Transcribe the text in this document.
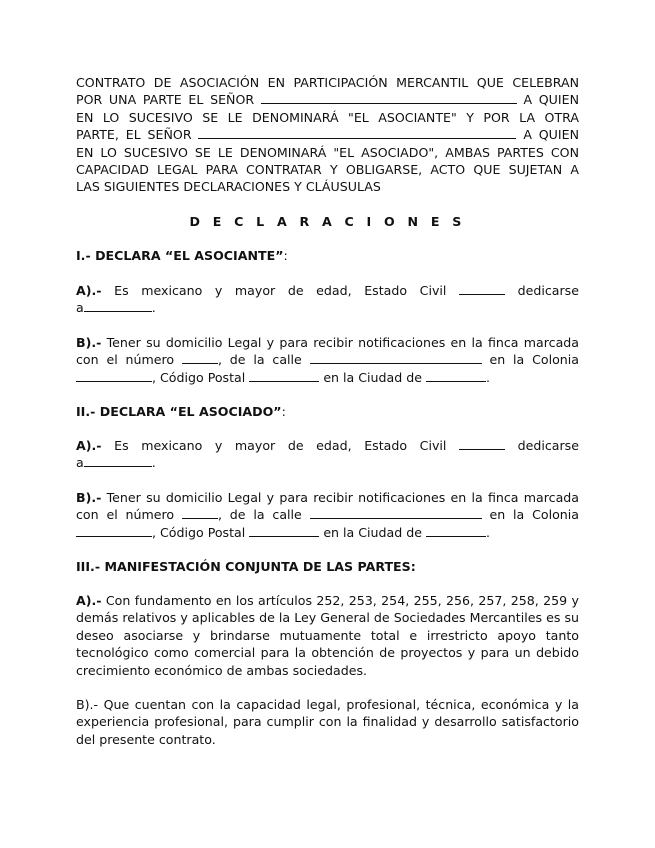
CONTRATO DE ASOCIACIÓN EN PARTICIPACIÓN MERCANTIL QUE CELEBRAN
POR UNA PARTE EL SEÑOR	A QUIEN
EN LO SUCESIVO SE LE DENOMINARÁ "EL ASOCIANTE" Y POR LA OTRA
PARTE, EL SEÑOR	A QUIEN
EN LO SUCESIVO SE LE DENOMINARÁ "EL ASOCIADO", AMBAS PARTES CON
CAPACIDAD LEGAL PARA CONTRATAR Y OBLIGARSE, ACTO QUE SUJETAN A
LAS SIGUIENTES DECLARACIONES Y CLÁUSULAS
D E C L A R A C I O N E S
I.- DECLARA “EL ASOCIANTE”:
A).- Es mexicano y mayor de edad, Estado Civil	dedicarse
a	.
B).- Tener su domicilio Legal y para recibir notificaciones en la finca marcada
con el número	, de la calle	en la Colonia
, Código Postal	en la Ciudad de	.
II.- DECLARA “EL ASOCIADO”:
A).- Es mexicano y mayor de edad, Estado Civil	dedicarse
a	.
B).- Tener su domicilio Legal y para recibir notificaciones en la finca marcada
con el número	, de la calle	en la Colonia
, Código Postal	en la Ciudad de	.
III.- MANIFESTACIÓN CONJUNTA DE LAS PARTES:
A).- Con fundamento en los artículos 252, 253, 254, 255, 256, 257, 258, 259 y demás relativos y aplicables de la Ley General de Sociedades Mercantiles es su deseo asociarse y brindarse mutuamente total e irrestricto apoyo tanto tecnológico como comercial para la obtención de proyectos y para un debido crecimiento económico de ambas sociedades.
B).- Que cuentan con la capacidad legal, profesional, técnica, económica y la experiencia profesional, para cumplir con la finalidad y desarrollo satisfactorio del presente contrato.
